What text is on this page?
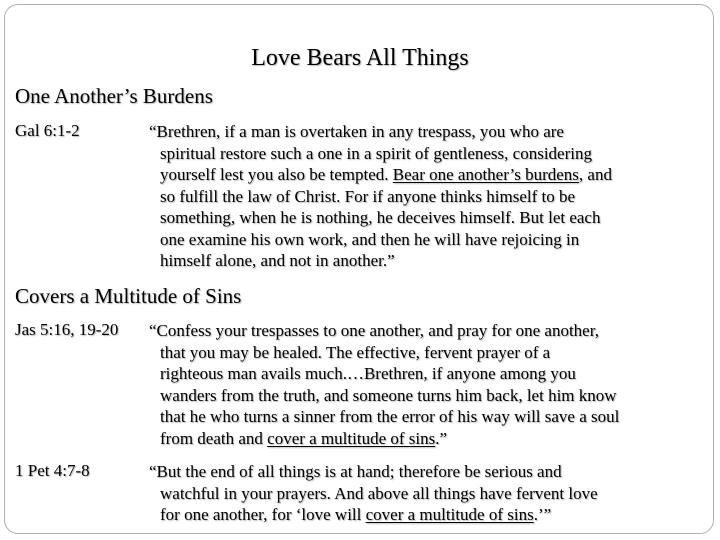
Love Bears All Things
One Another’s Burdens
Gal 6:1-2	“Brethren, if a man is overtaken in any trespass, you who are
spiritual restore such a one in a spirit of gentleness, considering
yourself lest you also be tempted. Bear one another’s burdens, and
so fulfill the law of Christ. For if anyone thinks himself to be
something, when he is nothing, he deceives himself. But let each
one examine his own work, and then he will have rejoicing in
himself alone, and not in another.”
Covers a Multitude of Sins
Jas 5:16, 19-20 “Confess your trespasses to one another, and pray for one another,
that you may be healed. The effective, fervent prayer of a
righteous man avails much.…Brethren, if anyone among you
wanders from the truth, and someone turns him back, let him know
that he who turns a sinner from the error of his way will save a soul
from death and cover a multitude of sins.”
1 Pet 4:7-8	“But the end of all things is at hand; therefore be serious and
watchful in your prayers. And above all things have fervent love
for one another, for ‘love will cover a multitude of sins.’”
